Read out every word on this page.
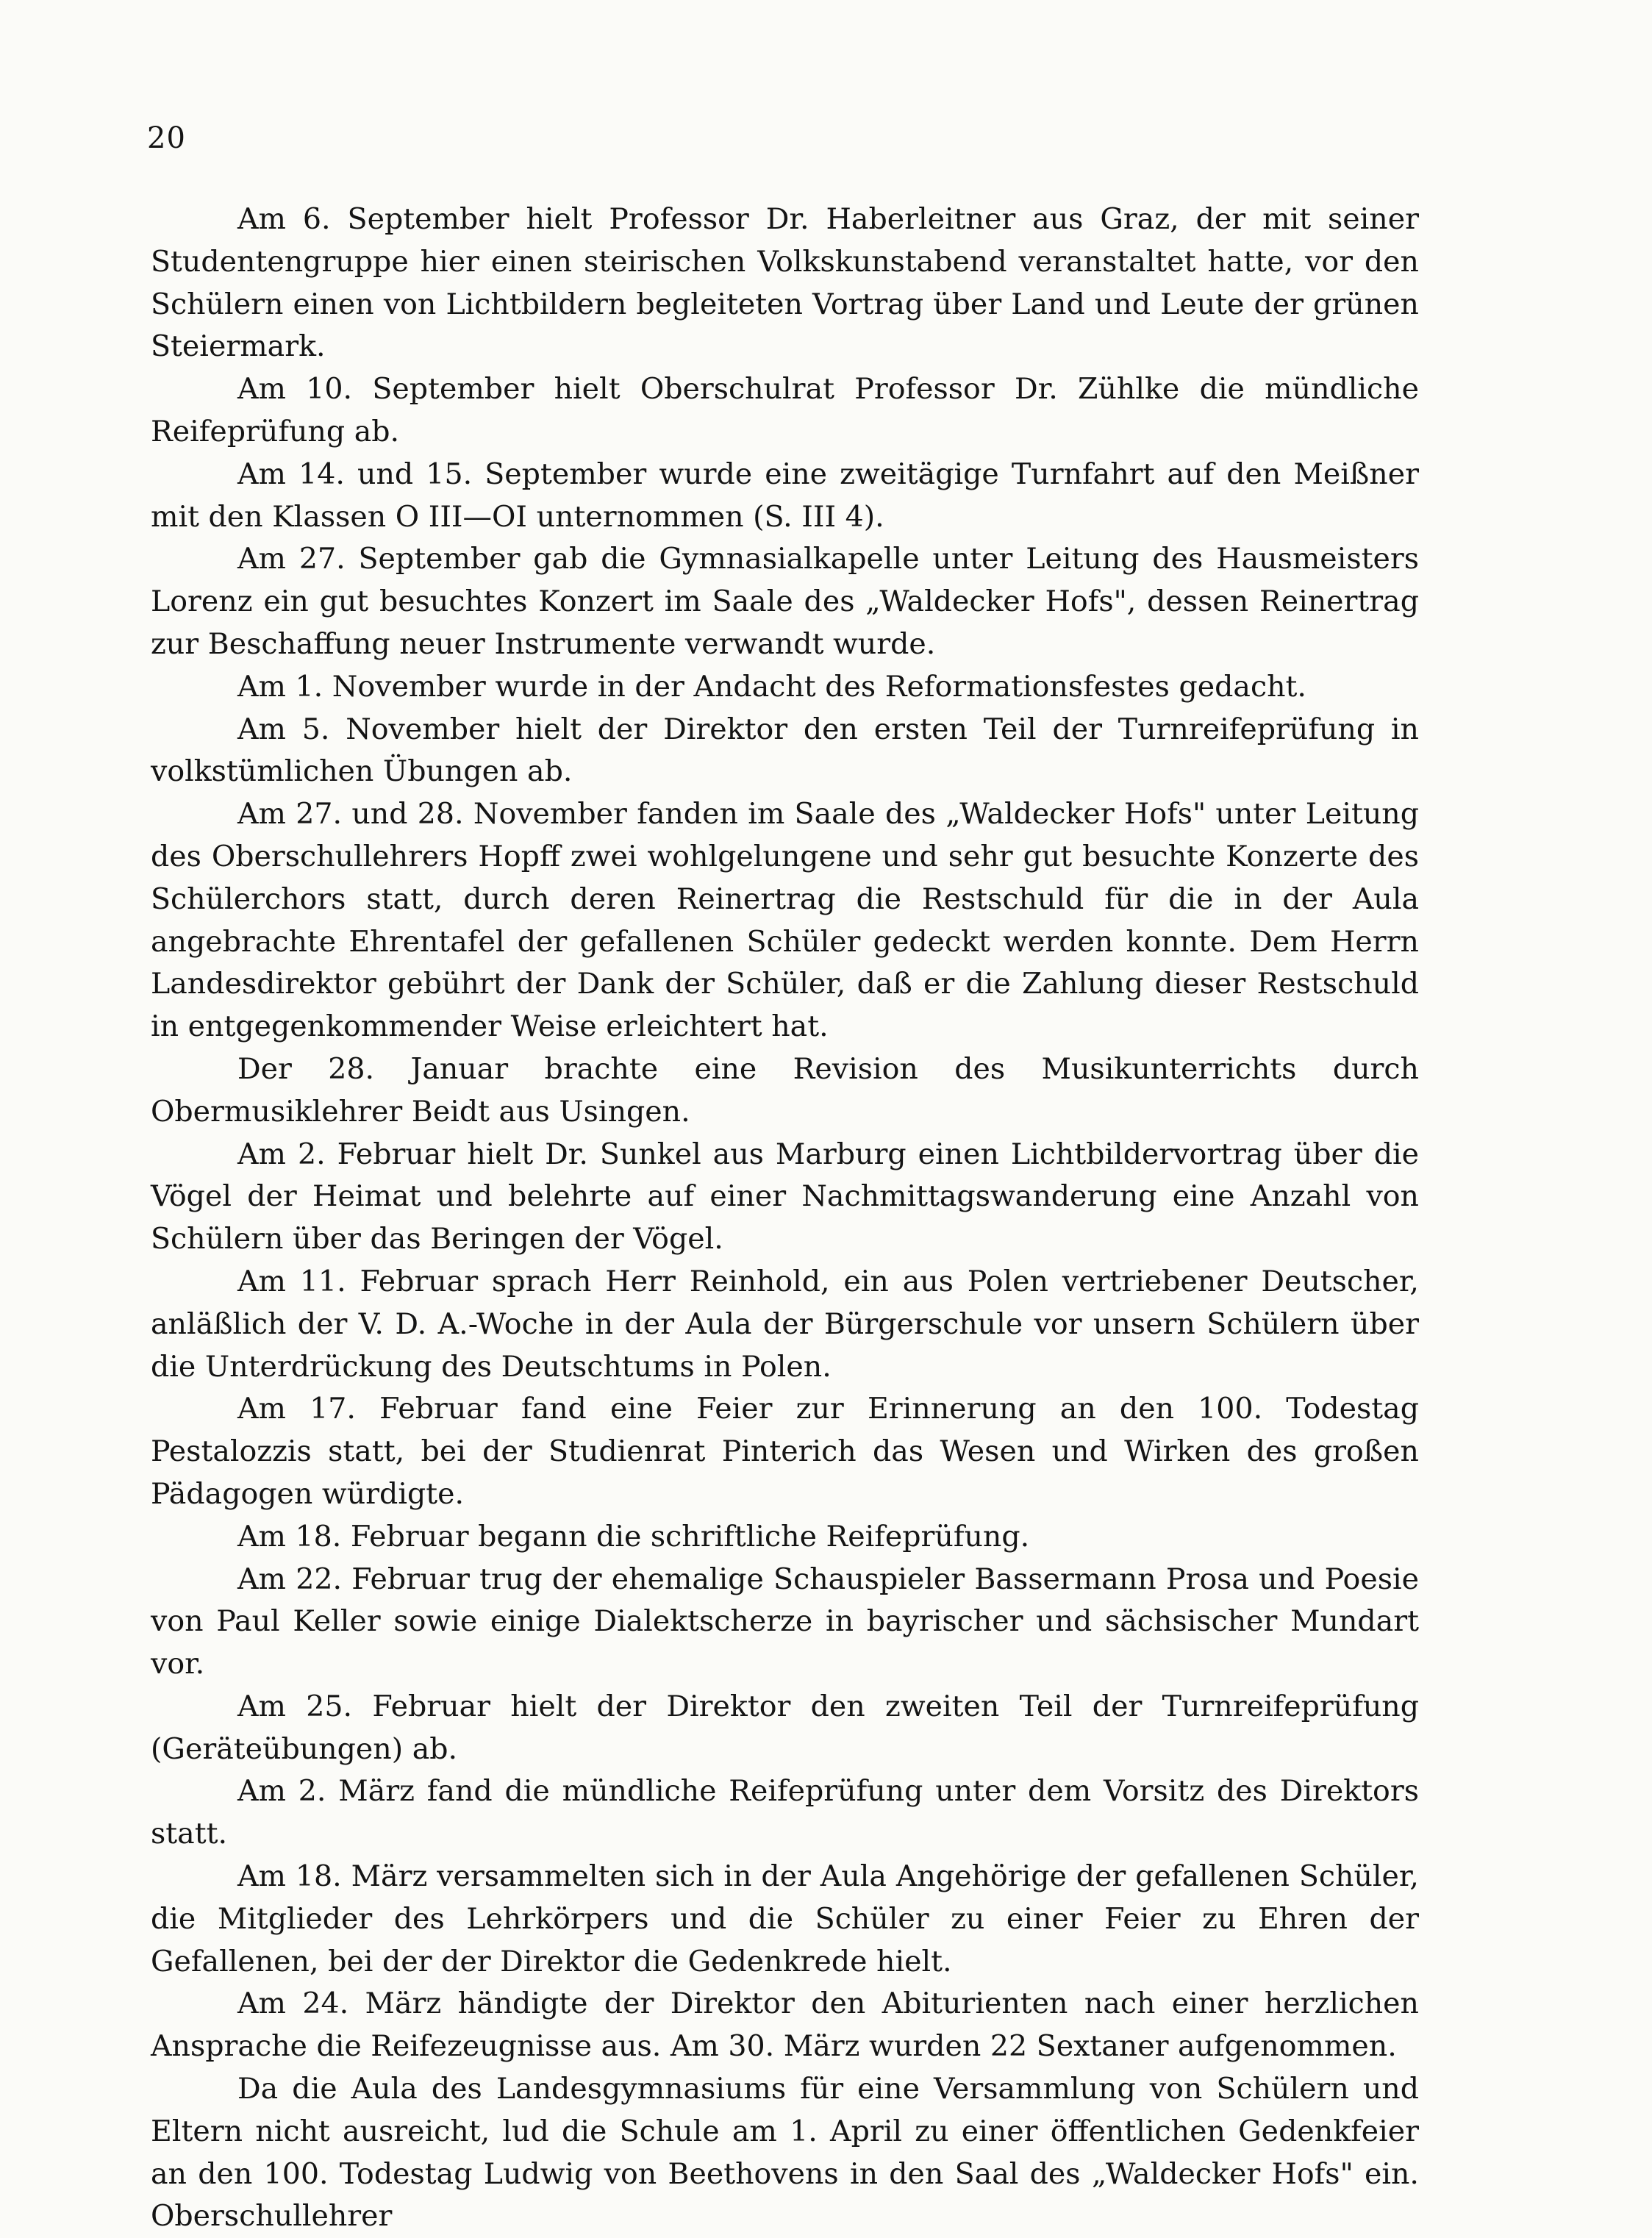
20

Am 6. September hielt Professor Dr. Haberleitner aus Graz, der mit seiner Studentengruppe hier einen steirischen Volkskunstabend veranstaltet hatte, vor den Schülern einen von Lichtbildern begleiteten Vortrag über Land und Leute der grünen Steiermark.

Am 10. September hielt Oberschulrat Professor Dr. Zühlke die mündliche Reifeprüfung ab.

Am 14. und 15. September wurde eine zweitägige Turnfahrt auf den Meißner mit den Klassen O III—OI unternommen (S. III 4).

Am 27. September gab die Gymnasialkapelle unter Leitung des Hausmeisters Lorenz ein gut besuchtes Konzert im Saale des „Waldecker Hofs", dessen Reinertrag zur Beschaffung neuer Instrumente verwandt wurde.

Am 1. November wurde in der Andacht des Reformationsfestes gedacht.

Am 5. November hielt der Direktor den ersten Teil der Turnreifeprüfung in volkstümlichen Übungen ab.

Am 27. und 28. November fanden im Saale des „Waldecker Hofs" unter Leitung des Oberschullehrers Hopff zwei wohlgelungene und sehr gut besuchte Konzerte des Schülerchors statt, durch deren Reinertrag die Restschuld für die in der Aula angebrachte Ehrentafel der gefallenen Schüler gedeckt werden konnte. Dem Herrn Landesdirektor gebührt der Dank der Schüler, daß er die Zahlung dieser Restschuld in entgegenkommender Weise erleichtert hat.

Der 28. Januar brachte eine Revision des Musikunterrichts durch Obermusiklehrer Beidt aus Usingen.

Am 2. Februar hielt Dr. Sunkel aus Marburg einen Lichtbildervortrag über die Vögel der Heimat und belehrte auf einer Nachmittagswanderung eine Anzahl von Schülern über das Beringen der Vögel.

Am 11. Februar sprach Herr Reinhold, ein aus Polen vertriebener Deutscher, anläßlich der V. D. A.-Woche in der Aula der Bürgerschule vor unsern Schülern über die Unterdrückung des Deutschtums in Polen.

Am 17. Februar fand eine Feier zur Erinnerung an den 100. Todestag Pestalozzis statt, bei der Studienrat Pinterich das Wesen und Wirken des großen Pädagogen würdigte.

Am 18. Februar begann die schriftliche Reifeprüfung.

Am 22. Februar trug der ehemalige Schauspieler Bassermann Prosa und Poesie von Paul Keller sowie einige Dialektscherze in bayrischer und sächsischer Mundart vor.

Am 25. Februar hielt der Direktor den zweiten Teil der Turnreifeprüfung (Geräteübungen) ab.

Am 2. März fand die mündliche Reifeprüfung unter dem Vorsitz des Direktors statt.

Am 18. März versammelten sich in der Aula Angehörige der gefallenen Schüler, die Mitglieder des Lehrkörpers und die Schüler zu einer Feier zu Ehren der Gefallenen, bei der der Direktor die Gedenkrede hielt.

Am 24. März händigte der Direktor den Abiturienten nach einer herzlichen Ansprache die Reifezeugnisse aus. Am 30. März wurden 22 Sextaner aufgenommen.

Da die Aula des Landesgymnasiums für eine Versammlung von Schülern und Eltern nicht ausreicht, lud die Schule am 1. April zu einer öffentlichen Gedenkfeier an den 100. Todestag Ludwig von Beethovens in den Saal des „Waldecker Hofs" ein. Oberschullehrer
